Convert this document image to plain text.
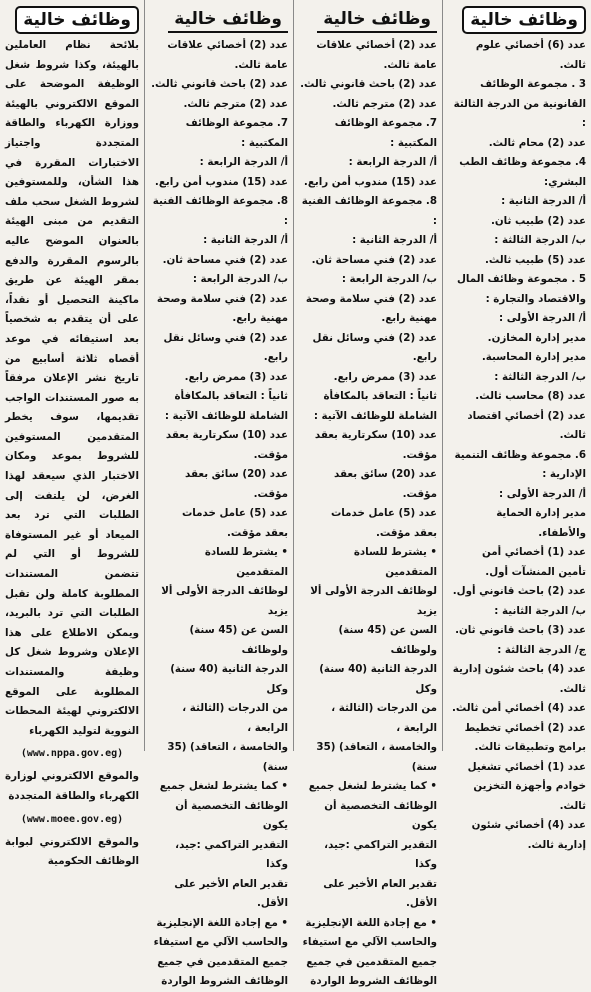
وظائف خالية

عدد (6) أخصائي علوم ثالث.

3 . مجموعة الوظائف

القانونية من الدرجة الثالثة :

عدد (2) محام ثالث.

4. مجموعة وظائف الطب البشري:

أ/ الدرجة الثانية :

عدد (2) طبيب ثان.

ب/ الدرجة الثالثة :

عدد (5) طبيب ثالث.

5 . مجموعة وظائف المال

والاقتصاد والتجارة :

أ/ الدرجة الأولى :

مدير إدارة المخازن.

مدير إدارة المحاسبة.

ب/ الدرجة الثالثة :

عدد (8) محاسب ثالث.

عدد (2) أخصائي اقتصاد ثالث.

6. مجموعة وظائف التنمية الإدارية :

أ/ الدرجة الأولى :

مدير إدارة الحماية والأطفاء.

عدد (1) أخصائي أمن

تأمين المنشآت أول.

عدد (2) باحث قانوني أول.

ب/ الدرجة الثانية :

عدد (3) باحث قانوني ثان.

ج/ الدرجة الثالثة :

عدد (4) باحث شئون إدارية

ثالث.

عدد (4) أخصائي أمن ثالث.

عدد (2) أخصائي تخطيط

برامج وتطبيقات ثالث.

عدد (1) أخصائي تشغيل

خوادم وأجهزة التخزين ثالث.

عدد (4) أخصائي شئون

إدارية ثالث.

وظائف خالية

عدد (2) أخصائي علاقات

عامة ثالث.

عدد (2) باحث قانوني ثالث.

عدد (2) مترجم ثالث.

7. مجموعة الوظائف المكتبية :

أ/ الدرجة الرابعة :

عدد (15) مندوب أمن رابع.

8. مجموعة الوظائف الفنية :

أ/ الدرجة الثانية :

عدد (2) فني مساحة ثان.

ب/ الدرجة الرابعة :

عدد (2) فني سلامة وصحة

مهنية رابع.

عدد (2) فني وسائل نقل رابع.

عدد (3) ممرض رابع.

ثانياً : التعاقد بالمكافأة

الشاملة للوظائف الآتية :

عدد (10) سكرتارية بعقد مؤقت.

عدد (20) سائق بعقد مؤقت.

عدد (5) عامل خدمات

بعقد مؤقت.

• يشترط للسادة المتقدمين

لوظائف الدرجة الأولى ألا يزيد

السن عن (45 سنة) ولوظائف

الدرجة الثانية (40 سنة) وكل

من الدرجات (الثالثة ، الرابعة ،

والخامسة ، التعاقد) (35 سنة)

• كما يشترط لشغل جميع

الوظائف التخصصية أن يكون

التقدير التراكمي :جيد، وكذا

تقدير العام الأخير على الأقل.

• مع إجادة اللغة الإنجليزية

والحاسب الآلي مع استيفاء

جميع المتقدمين في جميع

الوظائف الشروط الواردة

وظائف خالية

عدد (2) أخصائي علاقات

عامة ثالث.

عدد (2) باحث قانوني ثالث.

عدد (2) مترجم ثالث.

7. مجموعة الوظائف المكتبية :

أ/ الدرجة الرابعة :

عدد (15) مندوب أمن رابع.

8. مجموعة الوظائف الفنية :

أ/ الدرجة الثانية :

عدد (2) فني مساحة ثان.

ب/ الدرجة الرابعة :

عدد (2) فني سلامة وصحة

مهنية رابع.

عدد (2) فني وسائل نقل رابع.

عدد (3) ممرض رابع.

ثانياً : التعاقد بالمكافأة

الشاملة للوظائف الآتية :

عدد (10) سكرتارية بعقد مؤقت.

عدد (20) سائق بعقد مؤقت.

عدد (5) عامل خدمات

بعقد مؤقت.

• يشترط للسادة المتقدمين

لوظائف الدرجة الأولى ألا يزيد

السن عن (45 سنة) ولوظائف

الدرجة الثانية (40 سنة) وكل

من الدرجات (الثالثة ، الرابعة ،

والخامسة ، التعاقد) (35 سنة)

• كما يشترط لشغل جميع

الوظائف التخصصية أن يكون

التقدير التراكمي :جيد، وكذا

تقدير العام الأخير على الأقل.

• مع إجادة اللغة الإنجليزية

والحاسب الآلي مع استيفاء

جميع المتقدمين في جميع

الوظائف الشروط الواردة

وظائف خالية

بلائحة نظام العاملين بالهيئة، وكذا شروط شغل الوظيفة الموضحة على الموقع الالكتروني بالهيئة ووزارة الكهرباء والطاقة المتجددة واجتياز الاختبارات المقررة في هذا الشأن، وللمستوفين لشروط الشغل سحب ملف التقديم من مبنى الهيئة بالعنوان الموضح عاليه بالرسوم المقررة والدفع بمقر الهيئة عن طريق ماكينة التحصيل أو نقداً، على أن يتقدم به شخصياً بعد استيفائه في موعد أقصاه ثلاثة أسابيع من تاريخ نشر الإعلان مرفقاً به صور المستندات الواجب تقديمها، سوف يخطر المتقدمين المستوفين للشروط بموعد ومكان الاختبار الذي سيعقد لهذا الغرض، لن يلتفت إلى الطلبات التي ترد بعد الميعاد أو غير المستوفاة للشروط أو التي لم تتضمن المستندات المطلوبة كاملة ولن تقبل الطلبات التي ترد بالبريد، ويمكن الاطلاع على هذا الإعلان وشروط شغل كل وظيفة والمستندات المطلوبة على الموقع الالكتروني لهيئة المحطات النووية لتوليد الكهرباء

(www.nppa.gov.eg)

والموقع الالكتروني لوزارة الكهرباء والطاقة المتجددة

(www.moee.gov.eg)

والموقع الالكتروني لبوابة الوظائف الحكومية
